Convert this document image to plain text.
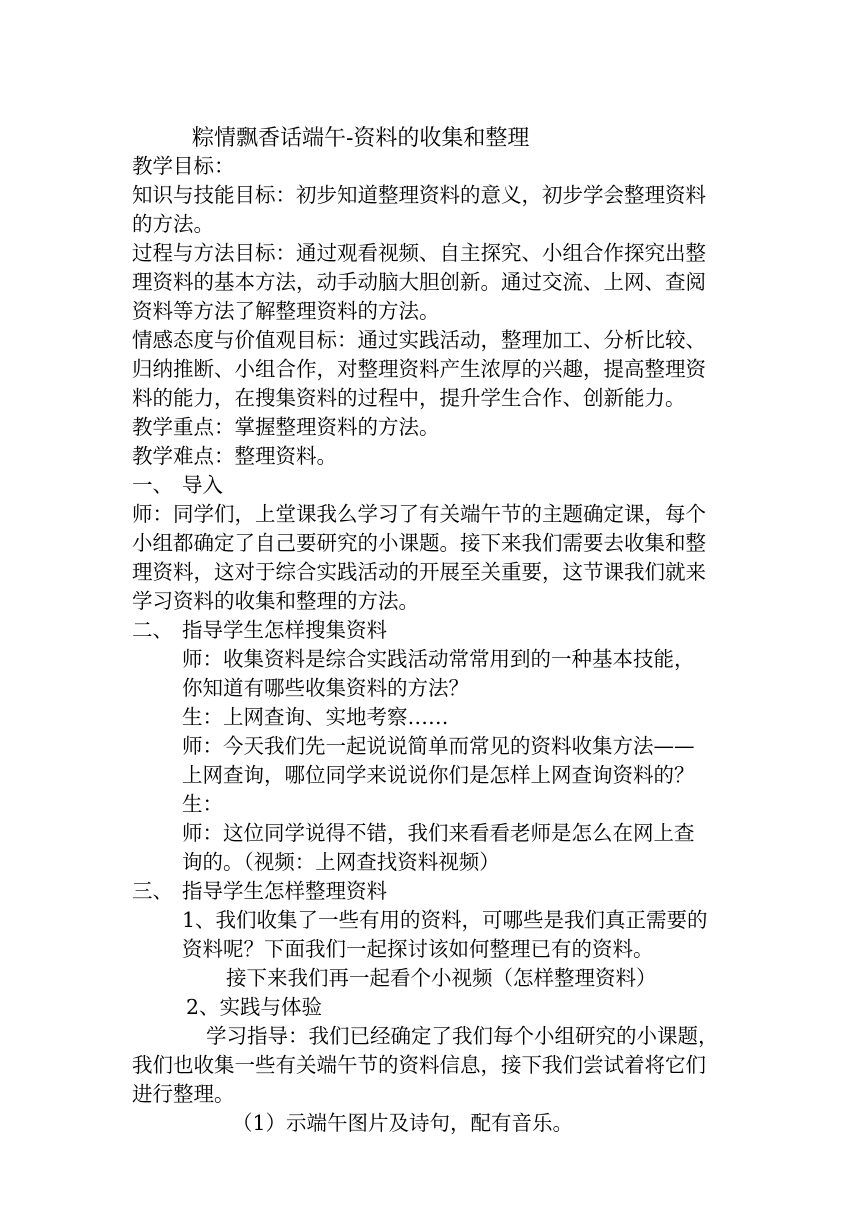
粽情飘香话端午-资料的收集和整理
教学目标：
知识与技能目标：初步知道整理资料的意义，初步学会整理资料
的方法。
过程与方法目标：通过观看视频、自主探究、小组合作探究出整
理资料的基本方法，动手动脑大胆创新。通过交流、上网、查阅
资料等方法了解整理资料的方法。
情感态度与价值观目标：通过实践活动，整理加工、分析比较、
归纳推断、小组合作，对整理资料产生浓厚的兴趣，提高整理资
料的能力，在搜集资料的过程中，提升学生合作、创新能力。
教学重点：掌握整理资料的方法。
教学难点：整理资料。
一、 导入
师：同学们，上堂课我么学习了有关端午节的主题确定课，每个
小组都确定了自己要研究的小课题。接下来我们需要去收集和整
理资料，这对于综合实践活动的开展至关重要，这节课我们就来
学习资料的收集和整理的方法。
二、 指导学生怎样搜集资料
师：收集资料是综合实践活动常常用到的一种基本技能，
你知道有哪些收集资料的方法？
生：上网查询、实地考察……
师：今天我们先一起说说简单而常见的资料收集方法——
上网查询，哪位同学来说说你们是怎样上网查询资料的？
生：
师：这位同学说得不错，我们来看看老师是怎么在网上查
询的。（视频：上网查找资料视频）
三、 指导学生怎样整理资料
1、我们收集了一些有用的资料，可哪些是我们真正需要的
资料呢？下面我们一起探讨该如何整理已有的资料。
接下来我们再一起看个小视频（怎样整理资料）
2、实践与体验
学习指导：我们已经确定了我们每个小组研究的小课题，
我们也收集一些有关端午节的资料信息，接下我们尝试着将它们
进行整理。
（1）示端午图片及诗句，配有音乐。
